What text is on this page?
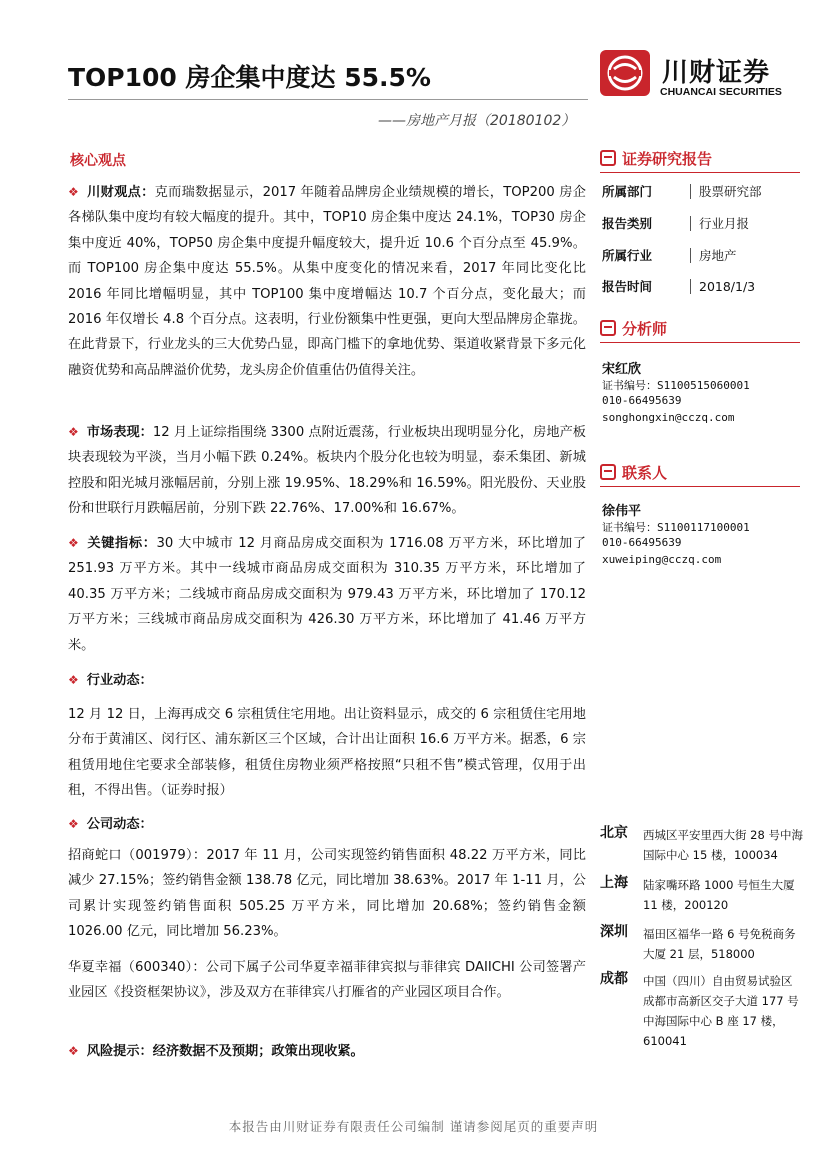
TOP100 房企集中度达 55.5%
——房地产月报（20180102）
川财证券
CHUANCAI SECURITIES
核心观点
❖ 川财观点：克而瑞数据显示，2017 年随着品牌房企业绩规模的增长，TOP200 房企各梯队集中度均有较大幅度的提升。其中，TOP10 房企集中度达 24.1%，TOP30 房企集中度近 40%，TOP50 房企集中度提升幅度较大，提升近 10.6 个百分点至 45.9%。而 TOP100 房企集中度达 55.5%。从集中度变化的情况来看，2017 年同比变化比 2016 年同比增幅明显，其中 TOP100 集中度增幅达 10.7 个百分点，变化最大；而 2016 年仅增长 4.8 个百分点。这表明，行业份额集中性更强，更向大型品牌房企靠拢。在此背景下，行业龙头的三大优势凸显，即高门槛下的拿地优势、渠道收紧背景下多元化融资优势和高品牌溢价优势，龙头房企价值重估仍值得关注。
❖ 市场表现：12 月上证综指围绕 3300 点附近震荡，行业板块出现明显分化，房地产板块表现较为平淡，当月小幅下跌 0.24%。板块内个股分化也较为明显，泰禾集团、新城控股和阳光城月涨幅居前，分别上涨 19.95%、18.29%和 16.59%。阳光股份、天业股份和世联行月跌幅居前，分别下跌 22.76%、17.00%和 16.67%。
❖ 关键指标：30 大中城市 12 月商品房成交面积为 1716.08 万平方米，环比增加了 251.93 万平方米。其中一线城市商品房成交面积为 310.35 万平方米，环比增加了 40.35 万平方米；二线城市商品房成交面积为 979.43 万平方米，环比增加了 170.12 万平方米；三线城市商品房成交面积为 426.30 万平方米，环比增加了 41.46 万平方米。
❖ 行业动态：
12 月 12 日，上海再成交 6 宗租赁住宅用地。出让资料显示，成交的 6 宗租赁住宅用地分布于黄浦区、闵行区、浦东新区三个区域，合计出让面积 16.6 万平方米。据悉，6 宗租赁用地住宅要求全部装修，租赁住房物业须严格按照“只租不售”模式管理，仅用于出租，不得出售。（证券时报）
❖ 公司动态：
招商蛇口（001979）：2017 年 11 月，公司实现签约销售面积 48.22 万平方米，同比减少 27.15%；签约销售金额 138.78 亿元，同比增加 38.63%。2017 年 1-11 月，公司累计实现签约销售面积 505.25 万平方米，同比增加 20.68%；签约销售金额 1026.00 亿元，同比增加 56.23%。
华夏幸福（600340）：公司下属子公司华夏幸福菲律宾拟与菲律宾 DAIICHI 公司签署产业园区《投资框架协议》，涉及双方在菲律宾八打雁省的产业园区项目合作。
❖ 风险提示：经济数据不及预期；政策出现收紧。
证券研究报告
所属部门	股票研究部
报告类别	行业月报
所属行业	房地产
报告时间	2018/1/3
分析师
宋红欣
证书编号：S1100515060001
010-66495639
songhongxin@cczq.com
联系人
徐伟平
证书编号：S1100117100001
010-66495639
xuweiping@cczq.com
北京 西城区平安里西大街 28 号中海国际中心 15 楼，100034
上海 陆家嘴环路 1000 号恒生大厦 11 楼，200120
深圳 福田区福华一路 6 号免税商务大厦 21 层，518000
成都 中国（四川）自由贸易试验区成都市高新区交子大道 177 号中海国际中心 B 座 17 楼，610041
本报告由川财证券有限责任公司编制 谨请参阅尾页的重要声明
